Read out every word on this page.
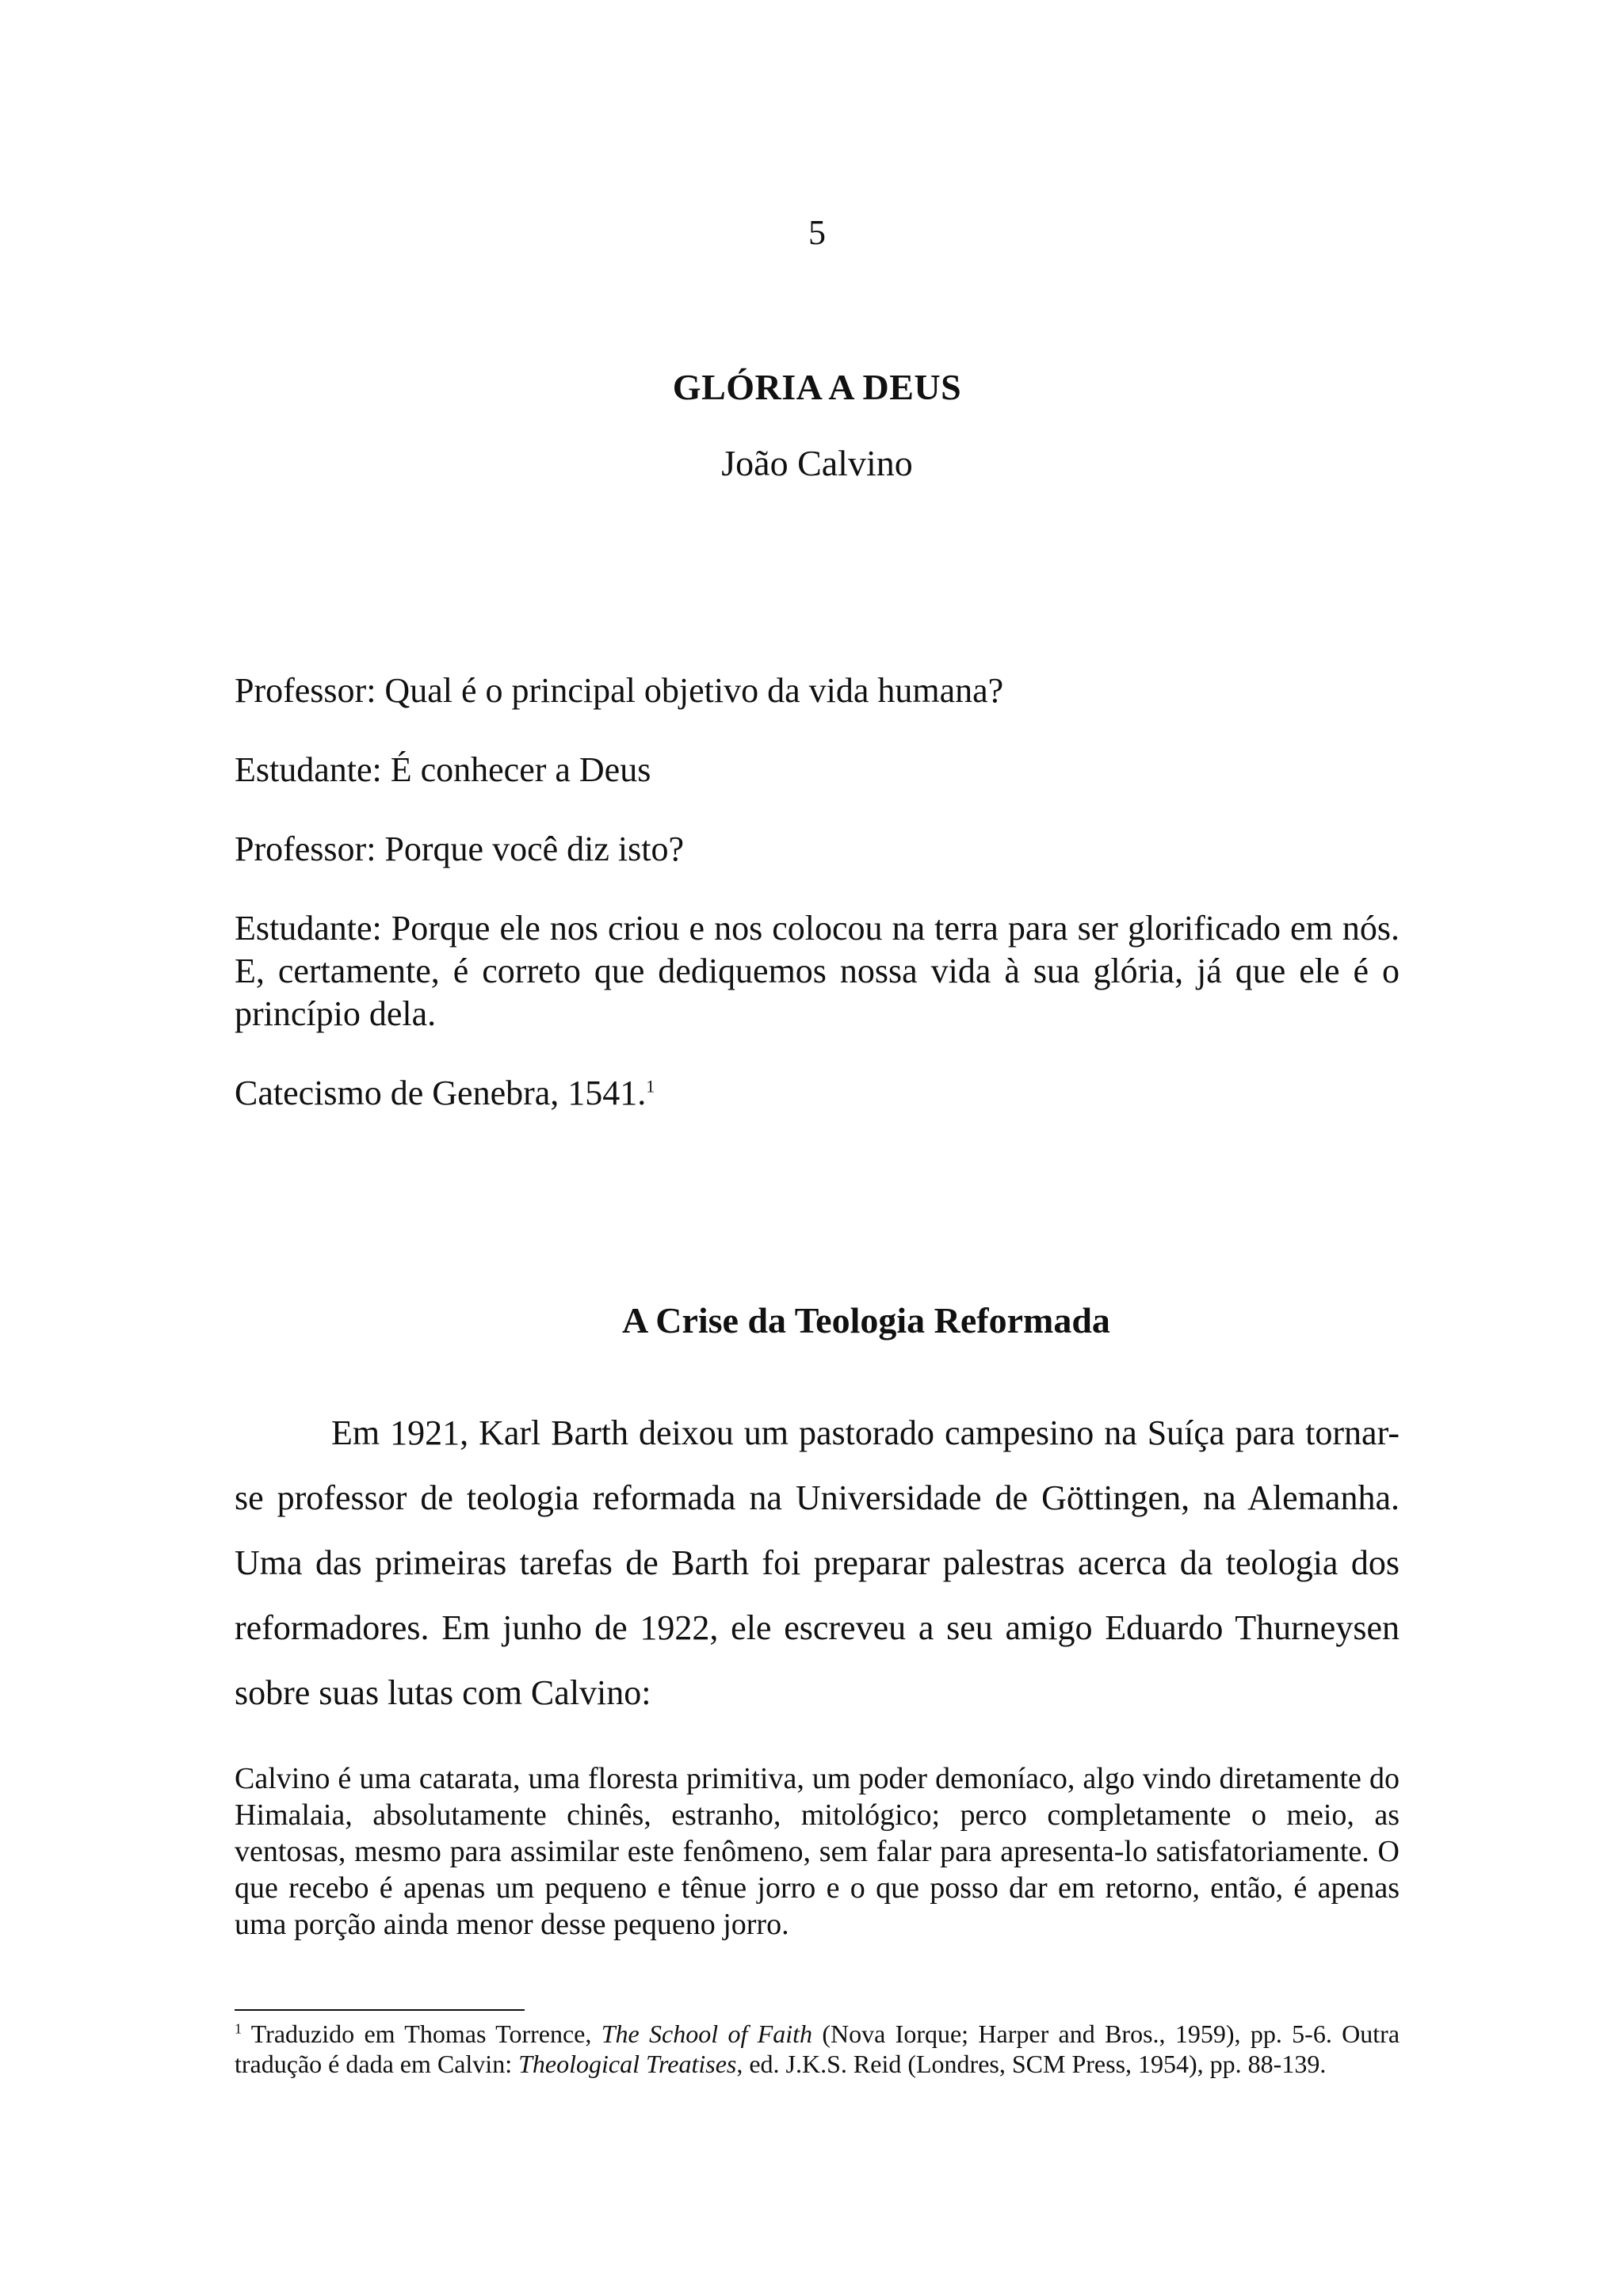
5
GLÓRIA A DEUS
João Calvino

Professor: Qual é o principal objetivo da vida humana?

Estudante: É conhecer a Deus

Professor: Porque você diz isto?

Estudante: Porque ele nos criou e nos colocou na terra para ser glorificado em nós. E, certamente, é correto que dediquemos nossa vida à sua glória, já que ele é o princípio dela.

Catecismo de Genebra, 1541.$^1$

A Crise da Teologia Reformada

Em 1921, Karl Barth deixou um pastorado campesino na Suíça para tornar-se professor de teologia reformada na Universidade de Göttingen, na Alemanha. Uma das primeiras tarefas de Barth foi preparar palestras acerca da teologia dos reformadores. Em junho de 1922, ele escreveu a seu amigo Eduardo Thurneysen sobre suas lutas com Calvino:

Calvino é uma catarata, uma floresta primitiva, um poder demoníaco, algo vindo diretamente do Himalaia, absolutamente chinês, estranho, mitológico; perco completamente o meio, as ventosas, mesmo para assimilar este fenômeno, sem falar para apresenta-lo satisfatoriamente. O que recebo é apenas um pequeno e tênue jorro e o que posso dar em retorno, então, é apenas uma porção ainda menor desse pequeno jorro.

$^1$ Traduzido em Thomas Torrence, The School of Faith (Nova Iorque; Harper and Bros., 1959), pp. 5-6. Outra tradução é dada em Calvin: Theological Treatises, ed. J.K.S. Reid (Londres, SCM Press, 1954), pp. 88-139.
